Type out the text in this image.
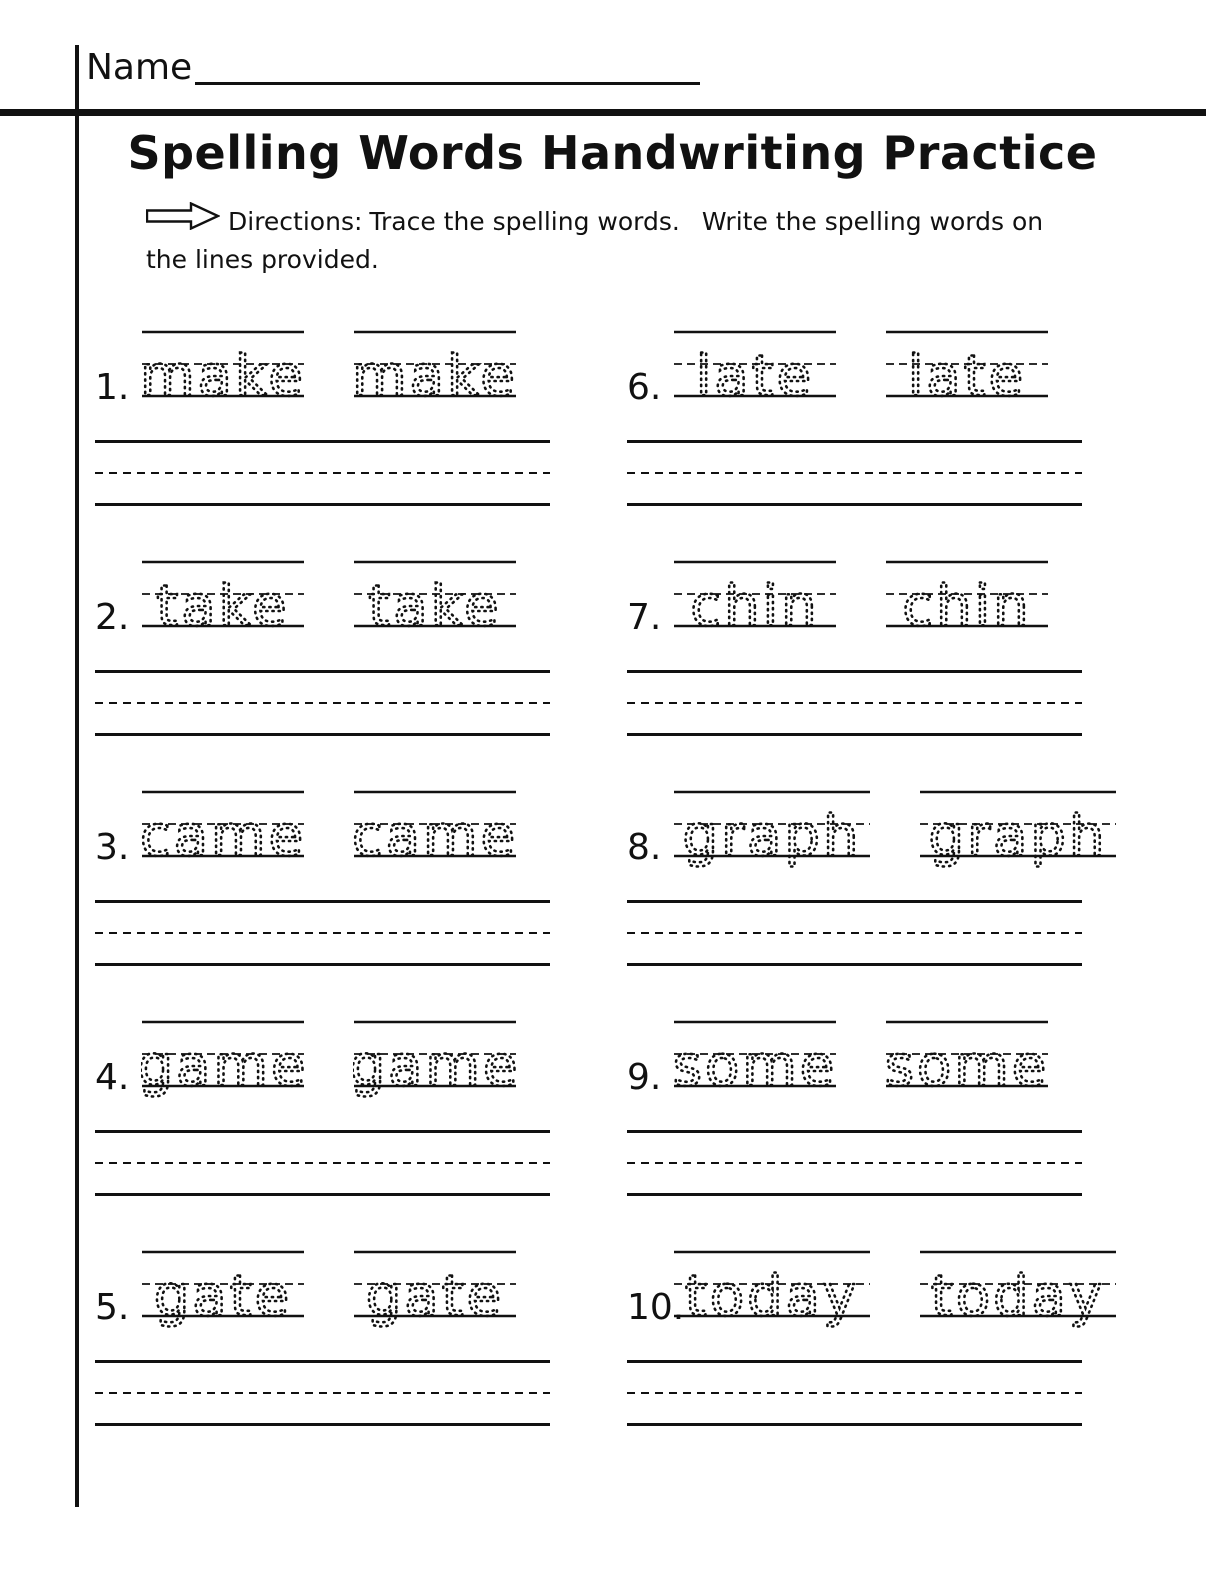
Name
Spelling Words Handwriting Practice
Directions: Trace the spelling words. Write the spelling words on
the lines provided.
1. make make
2. take take
3. came came
4. game game
5. gate gate
6. late late
7. chin chin
8. graph graph
9. some some
10. today today
